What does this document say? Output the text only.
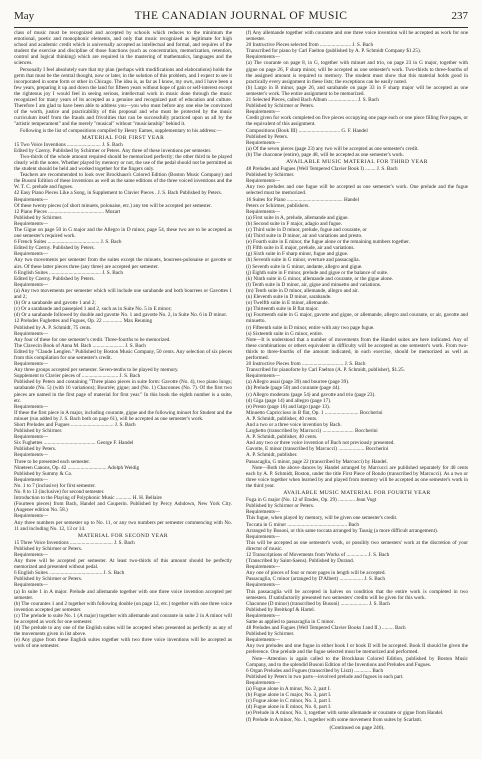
May	THE CANADIAN JOURNAL OF MUSIC	237

class of music must be recognized and accepted by schools which reduces to the minimum the emotional, poetic and monophonic elements, and only that music recognized as legitimate for high school and academic credit which is universally accepted as intellectual and formal, and requires of the student the exercise and discipline of those functions (such as concentration, memorization, retention, control and logical thinking) which are required in the mastering of mathematics, languages and the sciences.

Personally I feel absolutely sure that my plan (perhaps with modifications and elaborations) holds the germ that must be the central thought, now or later, in the solution of this problem, and I expect to see it incorporated in some form or other in Chicago. The idea is, as far as I know, my own, and I have been a few years, preparing it up and down the land for fifteen years without hope of gain or self-interest except the righteous joy I would feel in seeing serious, intellectual work in music done through the music recognized for many years of its accepted as a genuine and recognized part of education and culture. Therefore I am glad to have been able to address you—you who must before any one else be convinced of the worth, justice and practicability of this proposal and who must be protected by the music curriculum itself from the frauds and frivolities that can be successfully practiced upon us all by the "artistic temperament" and the merely "musical" without "musicianship" behind it.

Following is the list of compositions compiled by Henry Eames, supplementary to his address:—

MATERIAL FOR FIRST YEAR

15 Two Voice Inventions .......................... J. S. Bach

Edited by Czerny. Published by Schirmer or Peters. Any three of these inventions per semester.

Two-thirds of the whole amount required should be memorized perfectly; the other third to be played clearly with the notes. Whether played by memory or not, the use of the pedal should not be permitted as the student should be held and worked together for the fingers only.

Teachers are recommended to look over Brockhaus's Colored Edition (Boston Music Company) and the Busoni Edition of these inventions as well as the same editions of the three voiced inventions and the W. T. C. prelude and fugues.

42 Easy Piano Pieces Like a Song, in Supplement to Clavier Pieces . J. S. Bach Published by Peters.

Requirements—

Of these twenty pieces (of short minuets, polonaise, etc.) any ten will be accepted per semester.

12 Piano Pieces ........................................... Mozart

Published by Schirmer.

Requirements—

The Gigue on page 50 in G major and the Allegro in D minor, page 54, these two are to be accepted as one semester's required work.

6 French Suites ........................................ J. S. Bach

Edited by Czerny. Published by Peters.

Requirements—

Any two movements per semester from the suites except the minuets, bourrees-polonaise or gavotte or airs. Of these latter pieces three (any three) are accepted per semester.

6 English Suites ........................................ J. S. Bach

Edited by Czerny. Published by Peters.

Requirements—

(a) Any two movements per semester which will include one sarabande and both bourrees or Gavottes 1 and 2;

(b) Or a sarabande and gavotte 1 and 2;

(c) Or a sarabande and passepied 1 and 2, such as in Suite No. 5 in E minor;

(d) Or a sarabande followed by double and gavotte No. 1 and gavotte No. 2, in Suite No. 6 in D minor.

12 Preludes Fughettes and Fugues, Op. 22 ............... Max Reuning

Published by A. P. Schmidt, 75 cents.

Requirements—

Any four of these for one semester's credit. Three-fourths to be memorized.

The Clavecin Book of Anna M. Bach ........................ J. S. Bach

Edited by "Claude Lenglen." Published by Boston Music Company, 50 cents. Any selection of six pieces from this compilation for one semester's credit.

Requirements—

Any three groups accepted per semester. Seven-tenths to be played by memory.

Supplement to Clavier pieces of ............................ J. S. Bach

Published by Peters and containing "Three piano pieces in suite form: Gavotte (No. 4), two piano lungs; sarabande (No. 5) (with 16 variations); Bourrée; gigue; and (No. 1) Chaconnes (No. 7). Of the first two pieces are named in the first page of material for first year." In this book the eighth number is a suite, etc.

Requirements—

If these the first piece in A major, including courante, gigue and the following minuet for Student and the minuet (run added by J. S. Bach both on page 61), will be accepted as one semester's work.

Short Preludes and Fugues ................................. J. S. Bach

Published by Schirmer.

Requirements—

Six Fughettes ........................................ George F. Handel

Published by Peters.

Requirements—

Three to be presented each semester.

Nineteen Canons, Op. 42 .............................. Adolph Weidig

Published by Summy & Co.

Requirements—

No. 1 to 7 (inclusive) for first semester.

No. 8 to 13 (inclusive) for second semester.

Introduction to the Playing of Polyphonic Music ............ H. H. Bellaire

(Fourteen pieces) from Bach, Handel and Couperin. Published by Percy Ashdown, New York City. (Augener edition No. 58.)

Requirements—

Any three numbers per semester up to No. 11, or any two numbers per semester commencing with No. 11 and including No. 12, 13 or 14.

MATERIAL FOR SECOND YEAR

15 Three Voice Inventions ................................. J. S. Bach

Published by Schirmer or Peters.

Requirements—

Any three will be accepted per semester. At least two-thirds of this amount should be perfectly memorized and presented without pedal.

6 English Suites ......................................... J. S. Bach

Published by Schirmer or Peters.

Requirements—

(a) In suite 1 in A major. Prelude and allemande together with one three voice invention accepted per semester.

(b) The courantes 1 and 2 together with following double (on page 12, etc.) together with one three voice invention accepted per semester.

(c) The prelude to suite No. 1 (A major) together with allemande and courante in suite 2 in A minor will be accepted as work for one semester.

(d) The prelude to any one of the English suites will be accepted when presented as perfectly as any of the movements given in list above.

(e) Any gigue from these English suites together with two three voice inventions will be accepted as work of one semester.

(f) Any allemande together with courante and one three voice invention will be accepted as work for one semester.

20 Instructive Pieces selected from ........................ J. S. Bach

Transcribed for piano by Carl Faelton (published by A. P. Schmidt Company $1.25).

Requirements—

(a) The courante on page 8, in G, together with minuet and trio, on page 23 in G major, together with gigue on page 26, F sharp minor, will be accepted as one semester's work. Two-thirds to three-fourths of the assigned amount is required to memory. The student must show that this material holds good in practically every assignment in these lists; the exceptions can be easily noted.

(b) Largo in B minor, page 26, and sarabande on page 33 in F sharp major will be accepted as one semester's work. The entire assignment to be memorized.

21 Selected Pieces, called Bach Album ...................... J. S. Bach

Published by Schirmer or Peters.

Requirements—

Credit given for work completed on five pieces occupying one page each or one piece filling five pages, or the equivalent of this assignment.

Compositions (Book III) ................................ G. F. Handel

Published by Peters.

Requirements—

(a) Of the seven pieces (page 23) any two will be accepted as one semester's credit.

(b) The chaconne (entire), page 48, will be accepted as one semester's work.

AVAILABLE MUSIC MATERIAL FOR THIRD YEAR

48 Preludes and Fugues (Well Tempered Clavier Book I) ........ J. S. Bach

Published by Schirmer.

Requirements—

Any two preludes and one fugue will be accepted as one semester's work. One prelude and the fugue selected must be memorized.

16 Suites for Piano ........................................... Handel

Peters or Schirmer, publishers.

Requirements—

(a) First suite in A, prelude, allemande and gigue.

(b) Second suite in F major, adagio and fugue.

(c) Third suite in D minor, prelude, fugue and courante, or

(d) Third suite in D minor, air and variations and presto.

(e) Fourth suite in E minor, the fugue alone or the remaining numbers together.

(f) Fifth suite in E major, prelude, air and variations.

(g) Sixth suite in F sharp minor, fugue and gigue.

(h) Seventh suite in G minor, overture and passacaglia.

(i) Seventh suite in G minor, andante, allegro and gigue.

(j) Eighth suite in F minor, prelude and gigue or the balance of suite.

(k) Ninth suite in G minor, allemande and courante, or the gigue alone.

(l) Tenth suite in D minor, air, gigue and minuetto and variations.

(m) Tenth suite in D minor, allemande, allegro and air.

(n) Eleventh suite in D minor, sarabande.

(o) Twelfth suite in E minor, allemande.

(p) Thirteenth suite in B flat major.

(q) Fourteenth suite in G major, gavotte and gigue, or allemande, allegro and courante, or air, gavotte and minuetto.

(r) Fifteenth suite in D minor, entire with any two page fugue.

(s) Sixteenth suite in G minor, entire.

Note—It is understood that a number of movements from the Handel suites are here indicated. Any of these combinations or others equivalent in difficulty will be accepted as one semester's work. From two-thirds to three-fourths of the amount indicated, in each exercise, should be memorized as well as performed.

20 Instructive Pieces from ................................ J. S. Bach

Transcribed for pianoforte by Carl Faelton (A. P. Schmidt, publisher), $1.25.

Requirements—

(a) Allegro assai (page 39) and bourree (page 39).

(b) Prelude (page 50) and courante (page 44).

(c) Allegro moderato (page 54) and gavotte and trio (page 23).

(d) Giga (page 14) and allegro (page 17).

(e) Presto (page 16) and largo (page 13).

Minuetto Capriccioso in B flat, Op. 1 .......................... Boccherini

A. P. Schmidt, publisher, 40 cents.

And a two or a three voice invention by Bach.

Larghetto (transcribed by Marcucci) ........................ Boccherini

A. P. Schmidt, publisher, 40 cents.

And any two or three voice invention of Bach not previously presented.

Gavotte, E minor (transcribed by Marcucci) .................... Boccherini

A. P. Schmidt, publisher.

Passacaglia, G minor, page 22 (transcribed by Marcucci) by Handel.

Note—Both the above dances by Handel arranged by Marcucci are published separately for 40 cents each by A. P. Schmidt, Boston, under the title First Piece of Rondo (transcribed by Marcucci). As a two or three voice together when learned by and played from memory will be accepted as one semester's work in the third year.

AVAILABLE MUSIC MATERIAL FOR FOURTH YEAR

Fuga in G major (No. 12 of Etudes, Op. 29) ............. Jean Vogt

Published by Schirmer or Peters.

Requirements—

This fugue, when played by memory, will be given one semester's credit.

Toccata in G minor .............................................. Bach

Arranged by Busoni, or this same toccata arranged by Tausig (a more difficult arrangement).

Requirements—

This will be accepted as one semester's work, or possibly two semesters' work at the discretion of your director of music.

12 Transcriptions of Movements from Works of ................ J. S. Bach

(Transcribed by Saint-Saens). Published by Durand.

Requirements—

Any one of pieces of four or more pages in length will be accepted.

Passacaglia, C minor (arranged by D'Albert) .................. J. S. Bach

Requirements—

This passacaglia will be accepted in halves on condition that the entire work is completed in two semesters. If satisfactorily presented two semesters' credits will be given for this work.

Chaconne (D minor) (transcribed by Busoni) ..................... J. S. Bach

Published by Breitkopf & Hartel.

Requirements—

Same as applied to passacaglia in C minor.

48 Preludes and Fugues (Well Tempered Clavier Books I and II.) ......... Bach

Published by Schirmer.

Requirements—

Any two preludes and one fugue in either book I or book II will be accepted. Book II should be given the preference. One prelude and the fugue selected must be memorized and performed.

Note—Attention is again called to the Brockhaus Colored Edition, published by Boston Music Company, and to the splendid Busoni Edition of the Inventions and Preludes and Fugues.

6 Organ Preludes and Fugues (transcribed by Liszt) ............. Bach

Published by Peters in two parts—involved prelude and fugues in each part.

Requirements—

(a) Fugue alone in A minor, No. 2, part I.

(b) Fugue alone in C major, No. 3, part I.

(c) Fugue alone in C minor, No. 3, part I.

(d) Fugue alone in E minor, No. 6, part I.

(e) Prelude in A minor, No. 1, together with some allemande or courante or gigue from Handel.

(f) Prelude in A minor, No. 1, together with some movement from suites by Scarlatti.

(Continued on page 246).
